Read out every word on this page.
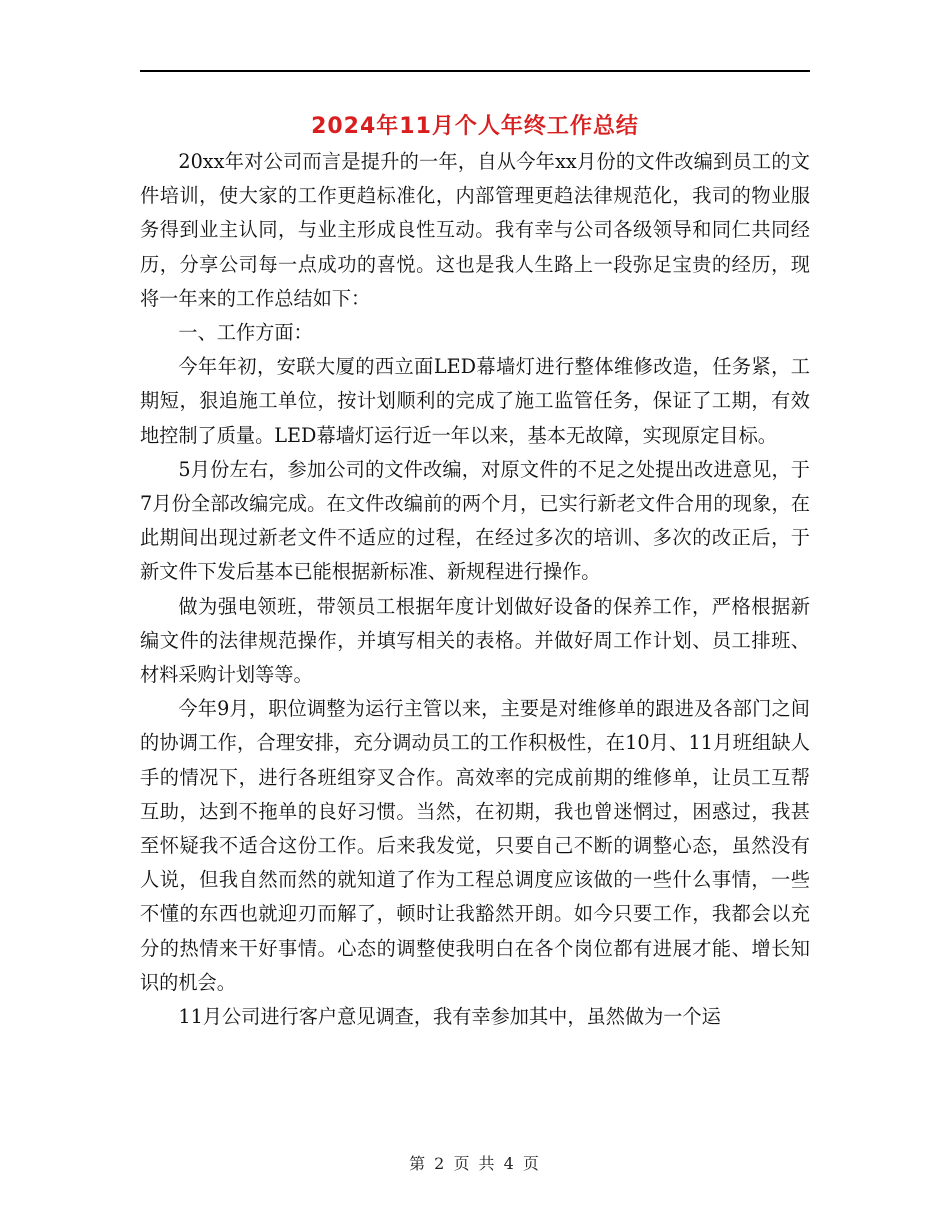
2024年11月个人年终工作总结

20xx年对公司而言是提升的一年，自从今年xx月份的文件改编到员工的文件培训，使大家的工作更趋标准化，内部管理更趋法律规范化，我司的物业服务得到业主认同，与业主形成良性互动。我有幸与公司各级领导和同仁共同经历，分享公司每一点成功的喜悦。这也是我人生路上一段弥足宝贵的经历，现将一年来的工作总结如下：

一、工作方面：

今年年初，安联大厦的西立面LED幕墙灯进行整体维修改造，任务紧，工期短，狠追施工单位，按计划顺利的完成了施工监管任务，保证了工期，有效地控制了质量。LED幕墙灯运行近一年以来，基本无故障，实现原定目标。

5月份左右，参加公司的文件改编，对原文件的不足之处提出改进意见，于7月份全部改编完成。在文件改编前的两个月，已实行新老文件合用的现象，在此期间出现过新老文件不适应的过程，在经过多次的培训、多次的改正后，于新文件下发后基本已能根据新标准、新规程进行操作。

做为强电领班，带领员工根据年度计划做好设备的保养工作，严格根据新编文件的法律规范操作，并填写相关的表格。并做好周工作计划、员工排班、材料采购计划等等。

今年9月，职位调整为运行主管以来，主要是对维修单的跟进及各部门之间的协调工作，合理安排，充分调动员工的工作积极性，在10月、11月班组缺人手的情况下，进行各班组穿叉合作。高效率的完成前期的维修单，让员工互帮互助，达到不拖单的良好习惯。当然，在初期，我也曾迷惘过，困惑过，我甚至怀疑我不适合这份工作。后来我发觉，只要自己不断的调整心态，虽然没有人说，但我自然而然的就知道了作为工程总调度应该做的一些什么事情，一些不懂的东西也就迎刃而解了，顿时让我豁然开朗。如今只要工作，我都会以充分的热情来干好事情。心态的调整使我明白在各个岗位都有进展才能、增长知识的机会。

11月公司进行客户意见调查，我有幸参加其中，虽然做为一个运

第 2 页 共 4 页
